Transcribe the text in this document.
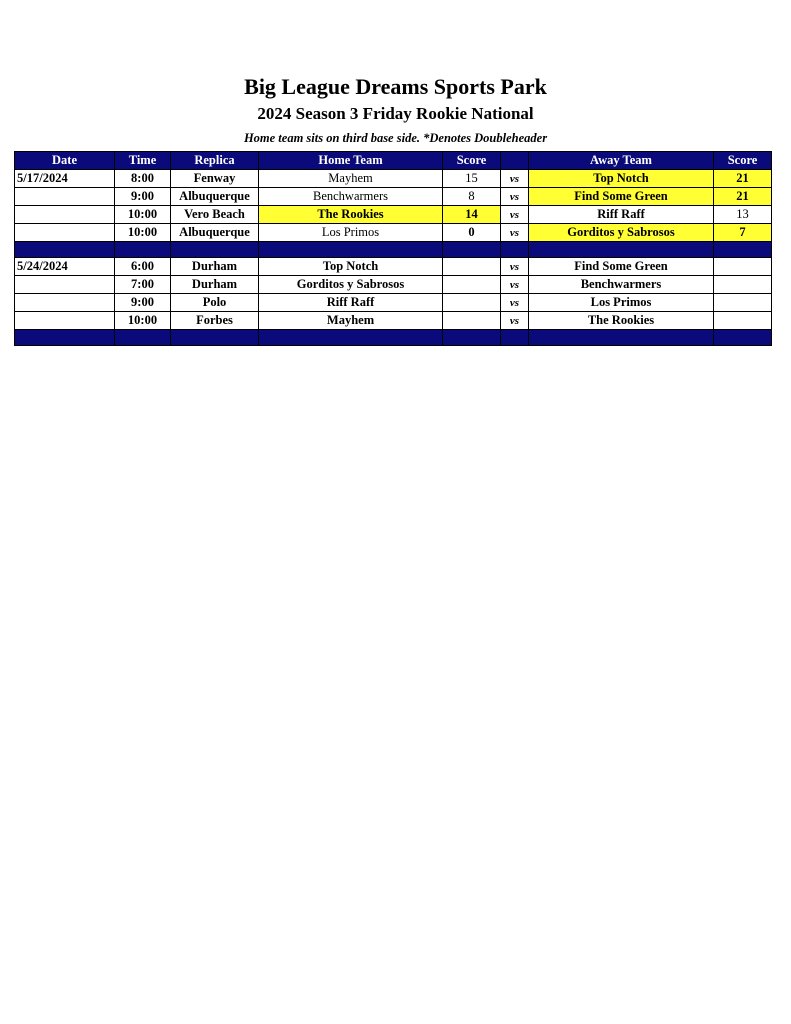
Big League Dreams Sports Park
2024 Season 3 Friday Rookie National
Home team sits on third base side. *Denotes Doubleheader
Date	Time	Replica	Home Team	Score		Away Team	Score
5/17/2024	8:00	Fenway	Mayhem	15	vs	Top Notch	21
	9:00	Albuquerque	Benchwarmers	8	vs	Find Some Green	21
	10:00	Vero Beach	The Rookies	14	vs	Riff Raff	13
	10:00	Albuquerque	Los Primos	0	vs	Gorditos y Sabrosos	7

5/24/2024	6:00	Durham	Top Notch		vs	Find Some Green	
	7:00	Durham	Gorditos y Sabrosos		vs	Benchwarmers	
	9:00	Polo	Riff Raff		vs	Los Primos	
	10:00	Forbes	Mayhem		vs	The Rookies	
